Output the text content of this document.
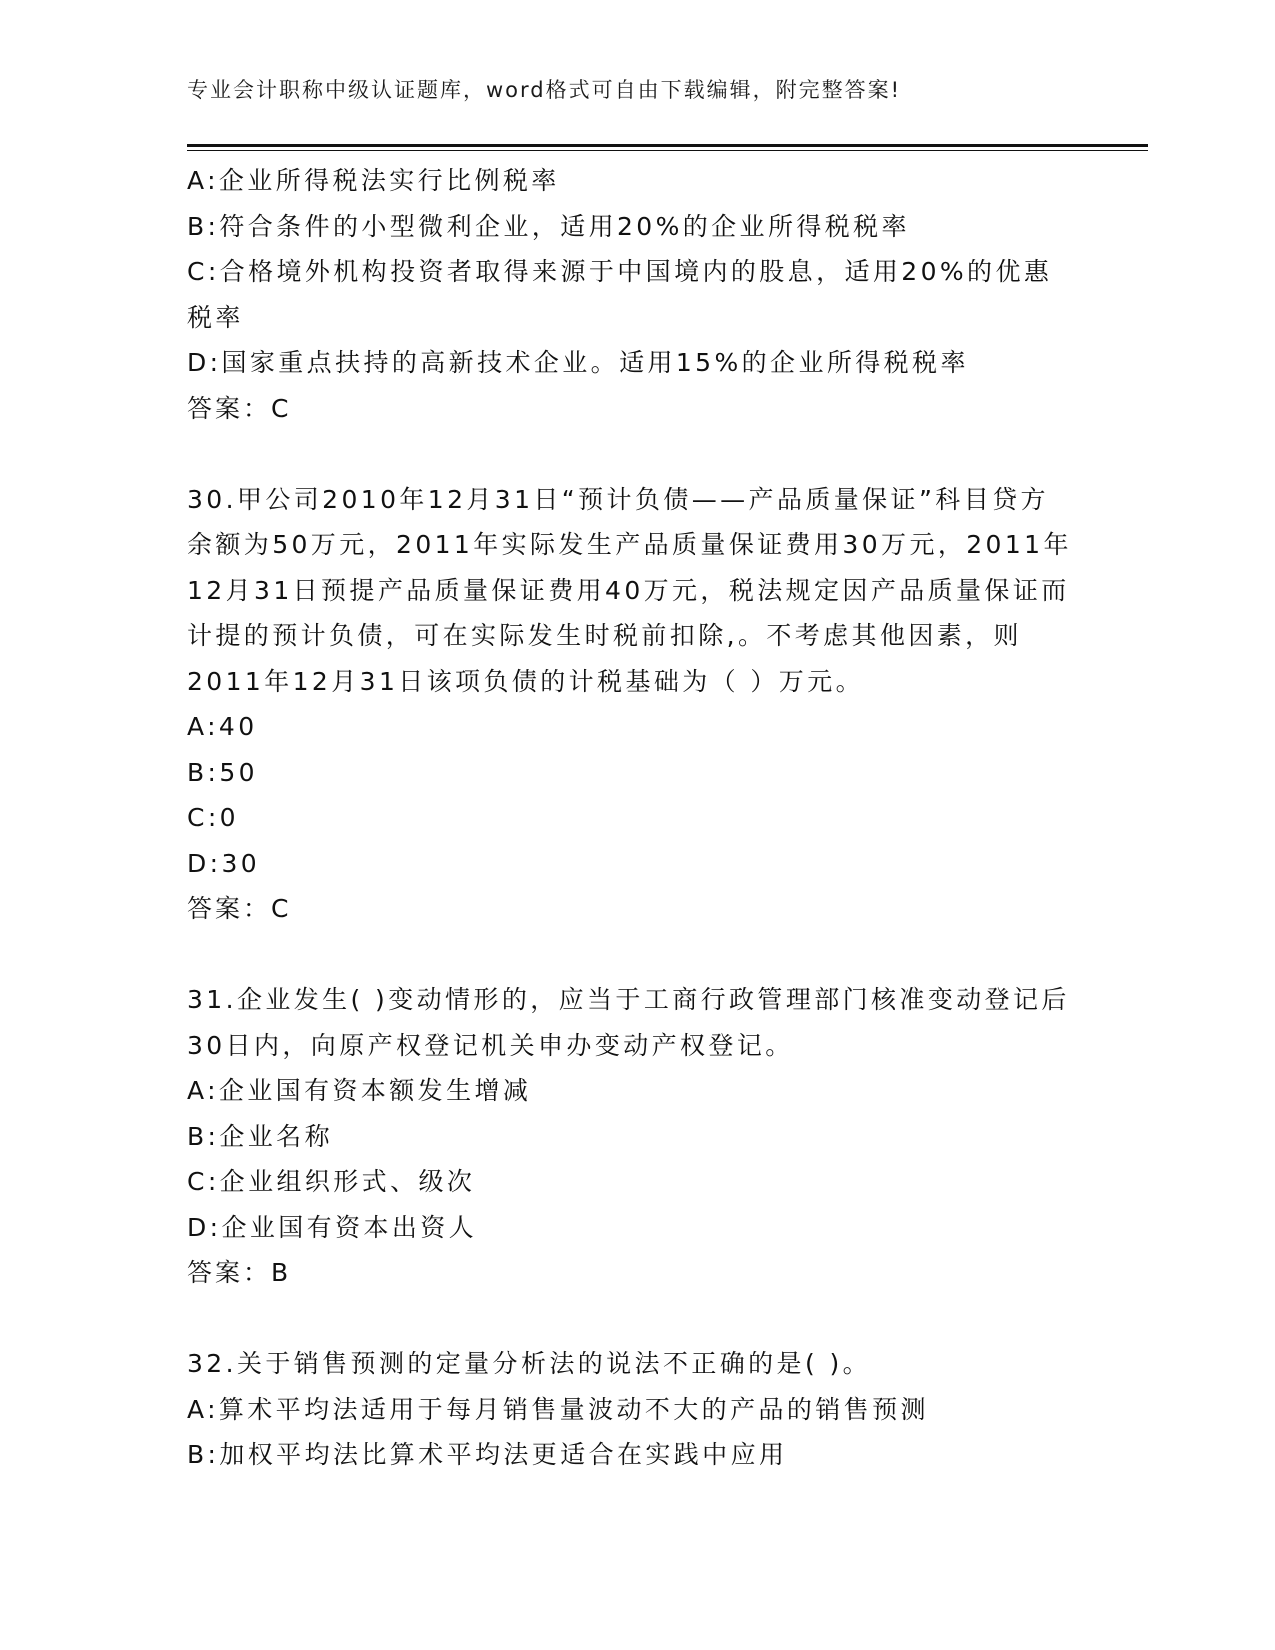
专业会计职称中级认证题库，word格式可自由下载编辑，附完整答案!

A:企业所得税法实行比例税率

B:符合条件的小型微利企业，适用20%的企业所得税税率

C:合格境外机构投资者取得来源于中国境内的股息，适用20%的优惠税率

D:国家重点扶持的高新技术企业。适用15%的企业所得税税率

答案：C

30.甲公司2010年12月31日“预计负债——产品质量保证”科目贷方余额为50万元，2011年实际发生产品质量保证费用30万元，2011年12月31日预提产品质量保证费用40万元，税法规定因产品质量保证而计提的预计负债，可在实际发生时税前扣除,。不考虑其他因素，则2011年12月31日该项负债的计税基础为（ ）万元。

A:40

B:50

C:0

D:30

答案：C

31.企业发生( )变动情形的，应当于工商行政管理部门核准变动登记后30日内，向原产权登记机关申办变动产权登记。

A:企业国有资本额发生增减

B:企业名称

C:企业组织形式、级次

D:企业国有资本出资人

答案：B

32.关于销售预测的定量分析法的说法不正确的是( )。

A:算术平均法适用于每月销售量波动不大的产品的销售预测

B:加权平均法比算术平均法更适合在实践中应用
